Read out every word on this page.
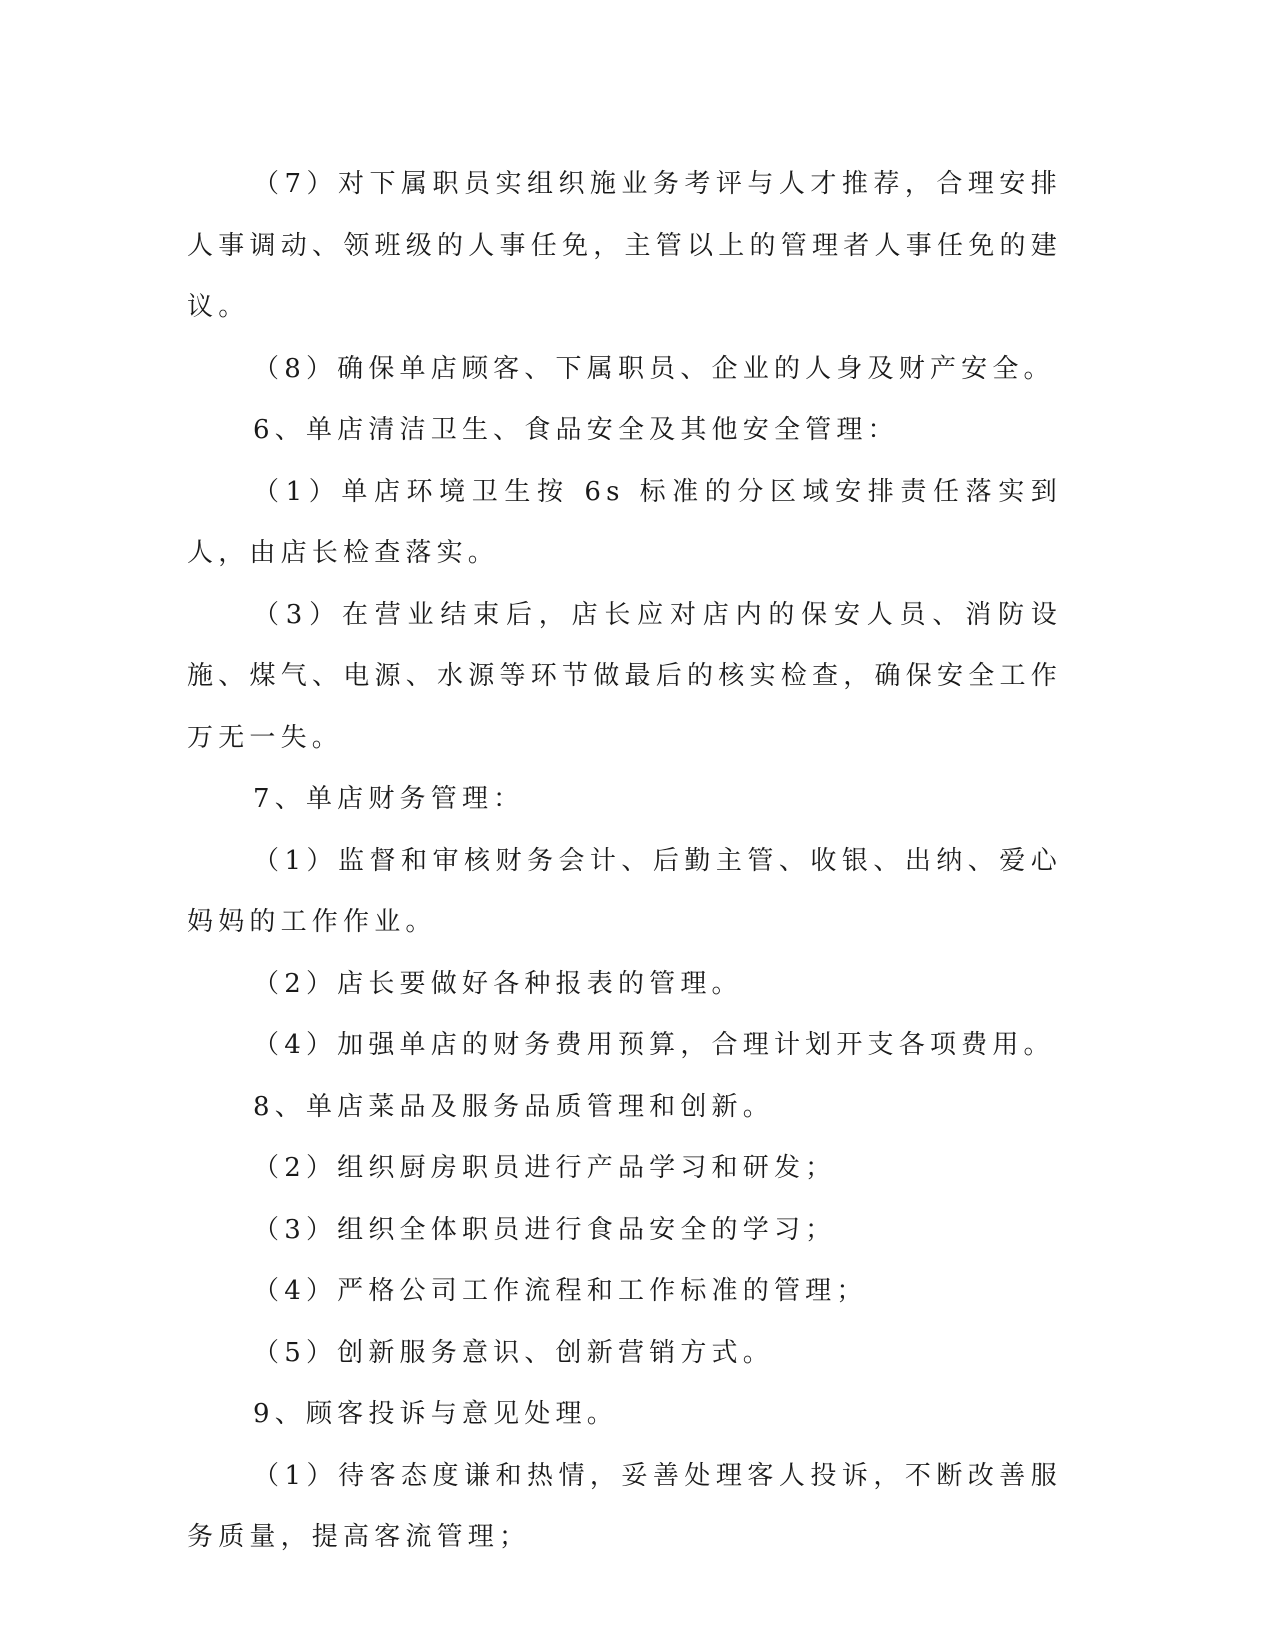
（7）对下属职员实组织施业务考评与人才推荐，合理安排人事调动、领班级的人事任免，主管以上的管理者人事任免的建议。

（8）确保单店顾客、下属职员、企业的人身及财产安全。

6、单店清洁卫生、食品安全及其他安全管理：

（1）单店环境卫生按 6s 标准的分区域安排责任落实到人，由店长检查落实。

（3）在营业结束后，店长应对店内的保安人员、消防设施、煤气、电源、水源等环节做最后的核实检查，确保安全工作万无一失。

7、单店财务管理：

（1）监督和审核财务会计、后勤主管、收银、出纳、爱心妈妈的工作作业。

（2）店长要做好各种报表的管理。

（4）加强单店的财务费用预算，合理计划开支各项费用。

8、单店菜品及服务品质管理和创新。

（2）组织厨房职员进行产品学习和研发；

（3）组织全体职员进行食品安全的学习；

（4）严格公司工作流程和工作标准的管理；

（5）创新服务意识、创新营销方式。

9、顾客投诉与意见处理。

（1）待客态度谦和热情，妥善处理客人投诉，不断改善服务质量，提高客流管理；
